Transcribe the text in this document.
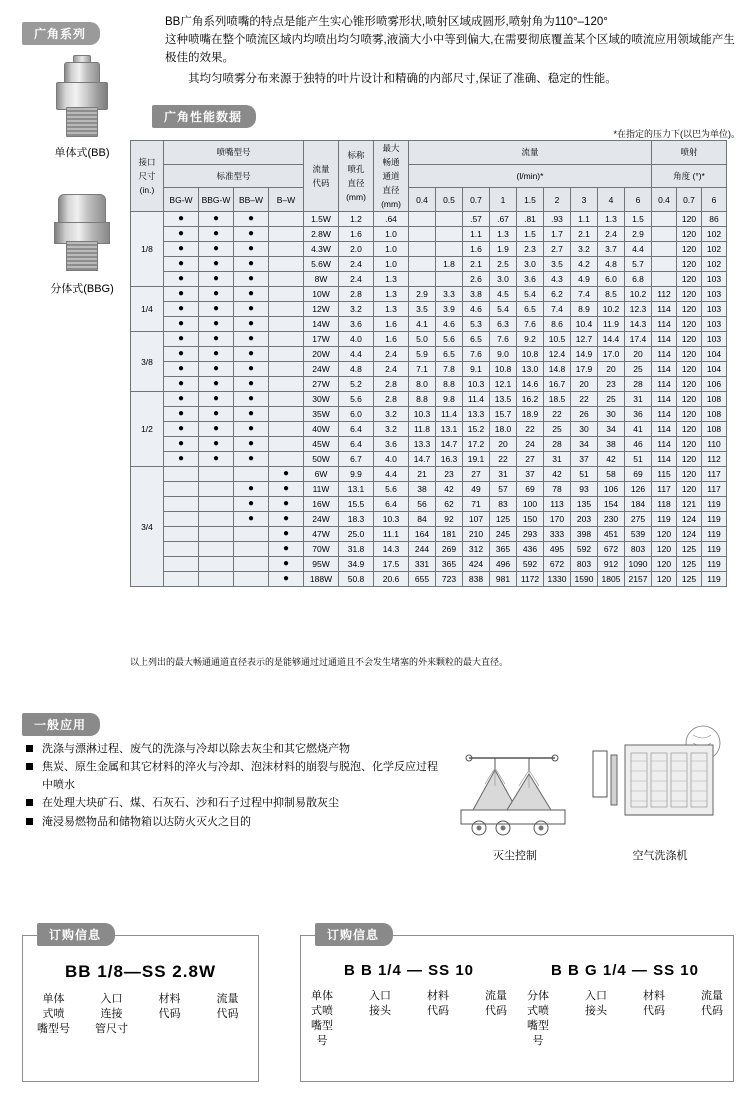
广角系列

BB广角系列喷嘴的特点是能产生实心锥形喷雾形状,喷射区域成圆形,喷射角为110°–120°

这种喷嘴在整个喷流区域内均喷出均匀喷雾,液滴大小中等到偏大,在需要彻底覆盖某个区域的喷流应用领域能产生极佳的效果。

其均匀喷雾分布来源于独特的叶片设计和精确的内部尺寸,保证了准确、稳定的性能。

单体式(BB)
分体式(BBG)
广角性能数据
*在指定的压力下(以巴为单位)。
接口
尺寸
(in.)
	喷嘴型号	
流量
代码

标称
喷孔
直径
(mm)

最大
畅通
通道
直径
(mm)
	流量	喷射

	标准型号							(l/min)*									角度 (°)*		
	BG-W	BBG-W	BB–W	B–W				0.4	0.5	0.7	1	1.5	2	3	4	6	0.4	0.7	6
1/8	●	●	●		1.5W	1.2	.64			.57	.67	.81	.93	1.1	1.3	1.5		120	86
	●	●	●		2.8W	1.6	1.0			1.1	1.3	1.5	1.7	2.1	2.4	2.9		120	102
	●	●	●		4.3W	2.0	1.0			1.6	1.9	2.3	2.7	3.2	3.7	4.4		120	102
	●	●	●		5.6W	2.4	1.0		1.8	2.1	2.5	3.0	3.5	4.2	4.8	5.7		120	102
	●	●	●		8W	2.4	1.3			2.6	3.0	3.6	4.3	4.9	6.0	6.8		120	103
1/4	●	●	●		10W	2.8	1.3	2.9	3.3	3.8	4.5	5.4	6.2	7.4	8.5	10.2	112	120	103
	●	●	●		12W	3.2	1.3	3.5	3.9	4.6	5.4	6.5	7.4	8.9	10.2	12.3	114	120	103
	●	●	●		14W	3.6	1.6	4.1	4.6	5.3	6.3	7.6	8.6	10.4	11.9	14.3	114	120	103
3/8	●	●	●		17W	4.0	1.6	5.0	5.6	6.5	7.6	9.2	10.5	12.7	14.4	17.4	114	120	103
	●	●	●		20W	4.4	2.4	5.9	6.5	7.6	9.0	10.8	12.4	14.9	17.0	20	114	120	104
	●	●	●		24W	4.8	2.4	7.1	7.8	9.1	10.8	13.0	14.8	17.9	20	25	114	120	104
	●	●	●		27W	5.2	2.8	8.0	8.8	10.3	12.1	14.6	16.7	20	23	28	114	120	106
1/2	●	●	●		30W	5.6	2.8	8.8	9.8	11.4	13.5	16.2	18.5	22	25	31	114	120	108
	●	●	●		35W	6.0	3.2	10.3	11.4	13.3	15.7	18.9	22	26	30	36	114	120	108
	●	●	●		40W	6.4	3.2	11.8	13.1	15.2	18.0	22	25	30	34	41	114	120	108
	●	●	●		45W	6.4	3.6	13.3	14.7	17.2	20	24	28	34	38	46	114	120	110
	●	●	●		50W	6.7	4.0	14.7	16.3	19.1	22	27	31	37	42	51	114	120	112
3/4				●	6W	9.9	4.4	21	23	27	31	37	42	51	58	69	115	120	117
			●	●	11W	13.1	5.6	38	42	49	57	69	78	93	106	126	117	120	117
			●	●	16W	15.5	6.4	56	62	71	83	100	113	135	154	184	118	121	119
			●	●	24W	18.3	10.3	84	92	107	125	150	170	203	230	275	119	124	119
				●	47W	25.0	11.1	164	181	210	245	293	333	398	451	539	120	124	119
				●	70W	31.8	14.3	244	269	312	365	436	495	592	672	803	120	125	119
				●	95W	34.9	17.5	331	365	424	496	592	672	803	912	1090	120	125	119
				●	188W	50.8	20.6	655	723	838	981	1172	1330	1590	1805	2157	120	125	119
以上列出的最大畅通通道直径表示的是能够通过过通道且不会发生堵塞的外来颗粒的最大直径。
一般应用
洗涤与漂淋过程、废气的洗涤与冷却以除去灰尘和其它燃烧产物
焦炭、原生金属和其它材料的淬火与冷却、泡沫材料的崩裂与脱泡、化学反应过程中喷水
在处理大块矿石、煤、石灰石、沙和石子过程中抑制易散灰尘
淹浸易燃物品和储物箱以达防火灭火之目的
灭尘控制	空气洗涤机
订购信息
BB 1/8—SS 2.8W
单体
式喷
嘴型号
入口
连接
管尺寸
材料
代码
流量
代码
订购信息
B B 1/4 — SS 10
单体
式喷
嘴型
号
入口
接头
材料
代码
流量
代码
B B G 1/4 — SS 10
分体
式喷
嘴型
号
入口
接头
材料
代码
流量
代码
